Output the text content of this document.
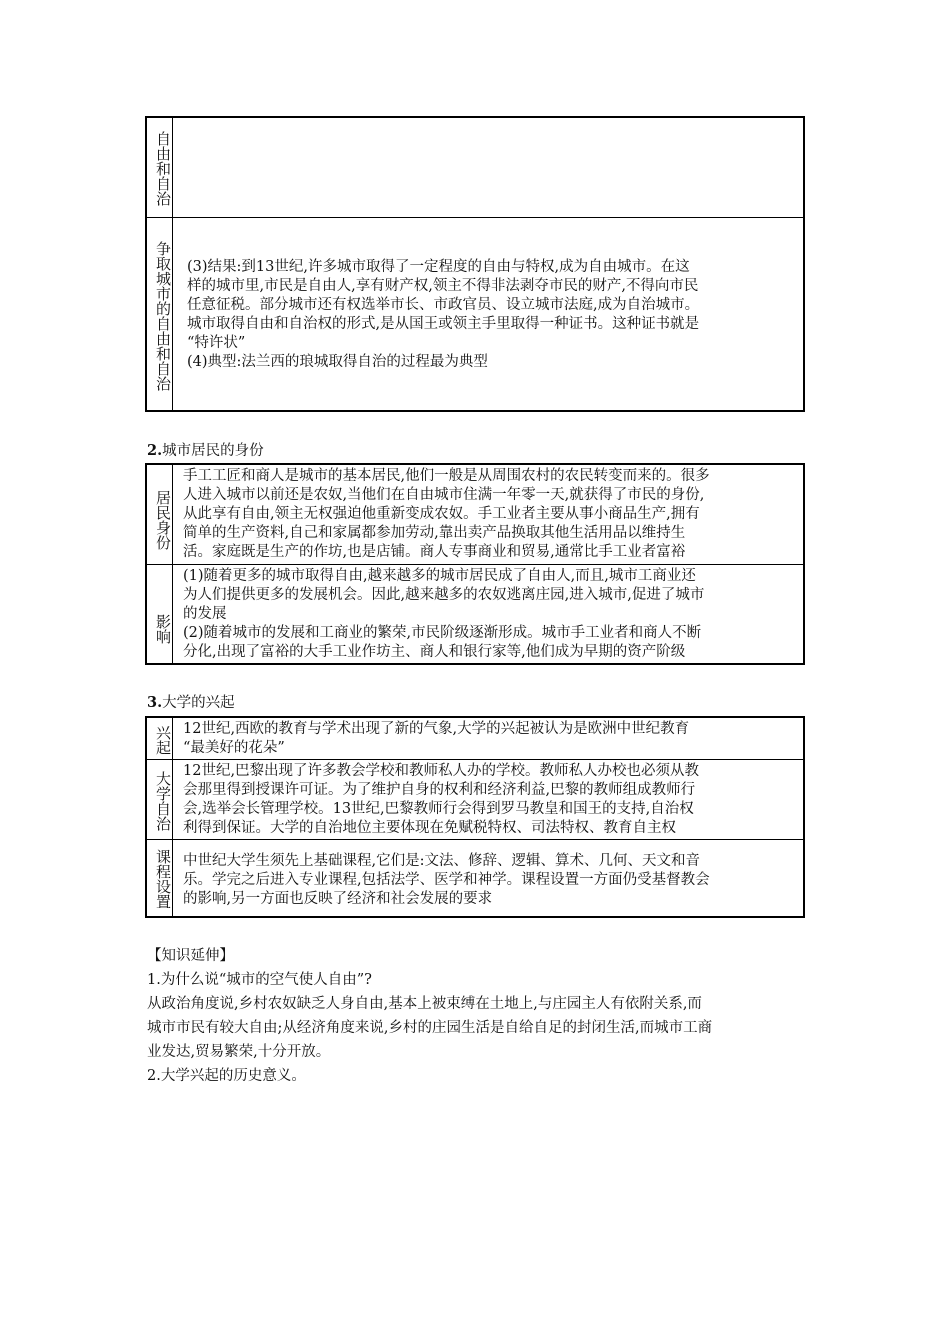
自由和自治
争取城市的自由和自治 (3)结果:到13世纪,许多城市取得了一定程度的自由与特权,成为自由城市。在这
样的城市里,市民是自由人,享有财产权,领主不得非法剥夺市民的财产,不得向市民
任意征税。部分城市还有权选举市长、市政官员、设立城市法庭,成为自治城市。
城市取得自由和自治权的形式,是从国王或领主手里取得一种证书。这种证书就是
“特许状”
(4)典型:法兰西的琅城取得自治的过程最为典型
2.城市居民的身份
居民身份
手工工匠和商人是城市的基本居民,他们一般是从周围农村的农民转变而来的。很多
人进入城市以前还是农奴,当他们在自由城市住满一年零一天,就获得了市民的身份,
从此享有自由,领主无权强迫他重新变成农奴。手工业者主要从事小商品生产,拥有
简单的生产资料,自己和家属都参加劳动,靠出卖产品换取其他生活用品以维持生
活。家庭既是生产的作坊,也是店铺。商人专事商业和贸易,通常比手工业者富裕
影响
(1)随着更多的城市取得自由,越来越多的城市居民成了自由人,而且,城市工商业还
为人们提供更多的发展机会。因此,越来越多的农奴逃离庄园,进入城市,促进了城市
的发展
(2)随着城市的发展和工商业的繁荣,市民阶级逐渐形成。城市手工业者和商人不断
分化,出现了富裕的大手工业作坊主、商人和银行家等,他们成为早期的资产阶级
3.大学的兴起
兴起 12世纪,西欧的教育与学术出现了新的气象,大学的兴起被认为是欧洲中世纪教育
“最美好的花朵”
大学自治 12世纪,巴黎出现了许多教会学校和教师私人办的学校。教师私人办校也必须从教
会那里得到授课许可证。为了维护自身的权利和经济利益,巴黎的教师组成教师行
会,选举会长管理学校。13世纪,巴黎教师行会得到罗马教皇和国王的支持,自治权
利得到保证。大学的自治地位主要体现在免赋税特权、司法特权、教育自主权
课程设置 中世纪大学生须先上基础课程,它们是:文法、修辞、逻辑、算术、几何、天文和音
乐。学完之后进入专业课程,包括法学、医学和神学。课程设置一方面仍受基督教会
的影响,另一方面也反映了经济和社会发展的要求

【知识延伸】

1.为什么说“城市的空气使人自由”?

从政治角度说,乡村农奴缺乏人身自由,基本上被束缚在土地上,与庄园主人有依附关系,而

城市市民有较大自由;从经济角度来说,乡村的庄园生活是自给自足的封闭生活,而城市工商

业发达,贸易繁荣,十分开放。

2.大学兴起的历史意义。
